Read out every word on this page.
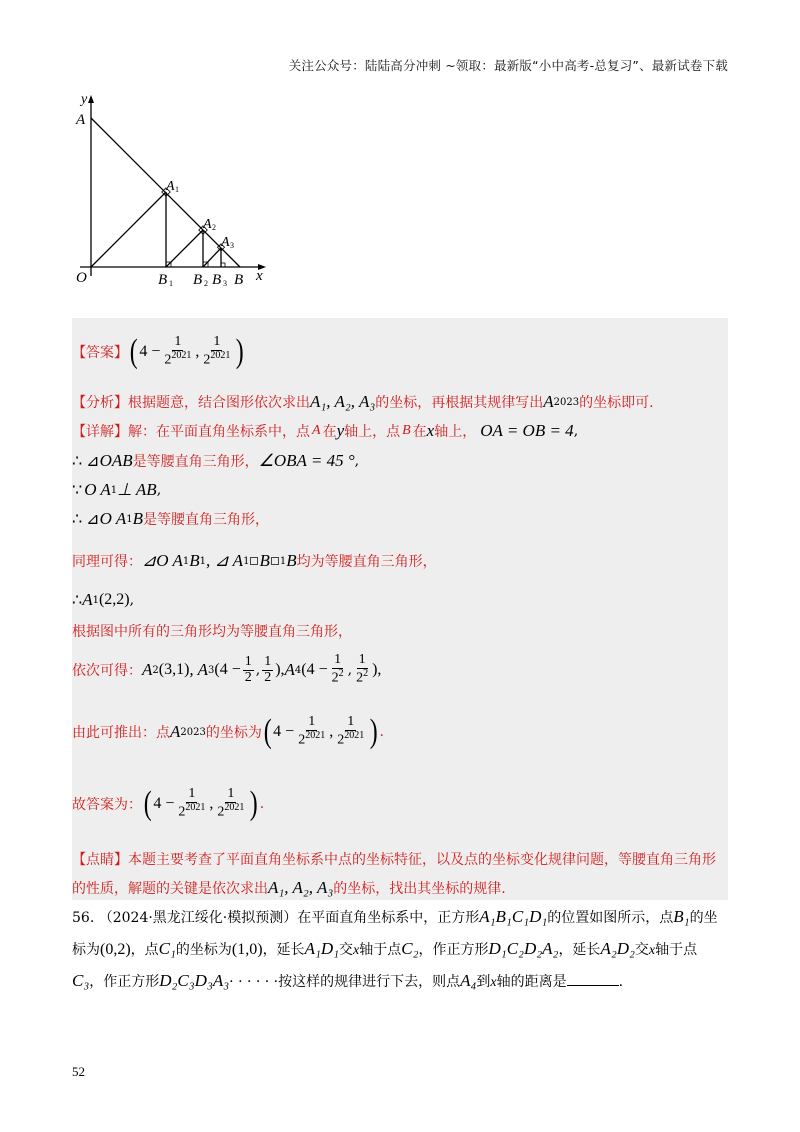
关注公众号：陆陆高分冲刺 ~领取：最新版“小中高考-总复习”、最新试卷下载
y
A
A 1
A 2
A 3
O	B 1 B 2 B 3 B x
【答案】 ( $4 - \frac{1}{2^{2021}}$ , $\frac{1}{2^{2021}}$ )
【分析】 根据题意，结合图形依次求出 A₁, A₂, A₃ 的坐标，再根据其规律写出 A 2023 的坐标即可.
【详解】 解：在平面直角坐标系中，点 A 在 y 轴上，点 B 在 x 轴上， OA = OB = 4 ,
∴ ⊿ OAB 是等腰直角三角形， ∠OBA = 45 ° ,
∵ O A 1 ⊥ AB ,
∴ ⊿ O A 1 B 是等腰直角三角形，
同理可得： ⊿O A 1 B 1 , ⊿ A 1 B 1 B 均为等腰直角三角形，
∴ A 1 (2,2) ,
根据图中所有的三角形均为等腰直角三角形，
依次可得： A 2 (3,1) , A 3 ($4 - \frac{1}{2}$ , $\frac{1}{2}$ ), A 4 ($4 - \frac{1}{2^2}$ , $\frac{1}{2^2}$ ),
由此可推出：点 A 2023 的坐标为 ( $4 - \frac{1}{2^{2021}}$ , $\frac{1}{2^{2021}}$ ) .
故答案为： ( $4 - \frac{1}{2^{2021}}$ , $\frac{1}{2^{2021}}$ ) .
【点睛】 本题主要考查了平面直角坐标系中点的坐标特征，以及点的坐标变化规律问题，等腰直角三角形
的性质，解题的关键是依次求出 A₁, A₂, A₃ 的坐标，找出其坐标的规律.
56. （2024·黑龙江绥化·模拟预测）在平面直角坐标系中，正方形A₁B₁C₁D₁的位置如图所示，点B₁的坐
标为(0,2)，点C₁的坐标为(1,0)，延长A₁D₁交x轴于点C₂，作正方形D₁C₂D₂A₂，延长A₂D₂交x轴于点
C₃，作正方形D₂C₃D₃A₃· · · · · ·按这样的规律进行下去，则点A₄到x轴的距离是	.
52
